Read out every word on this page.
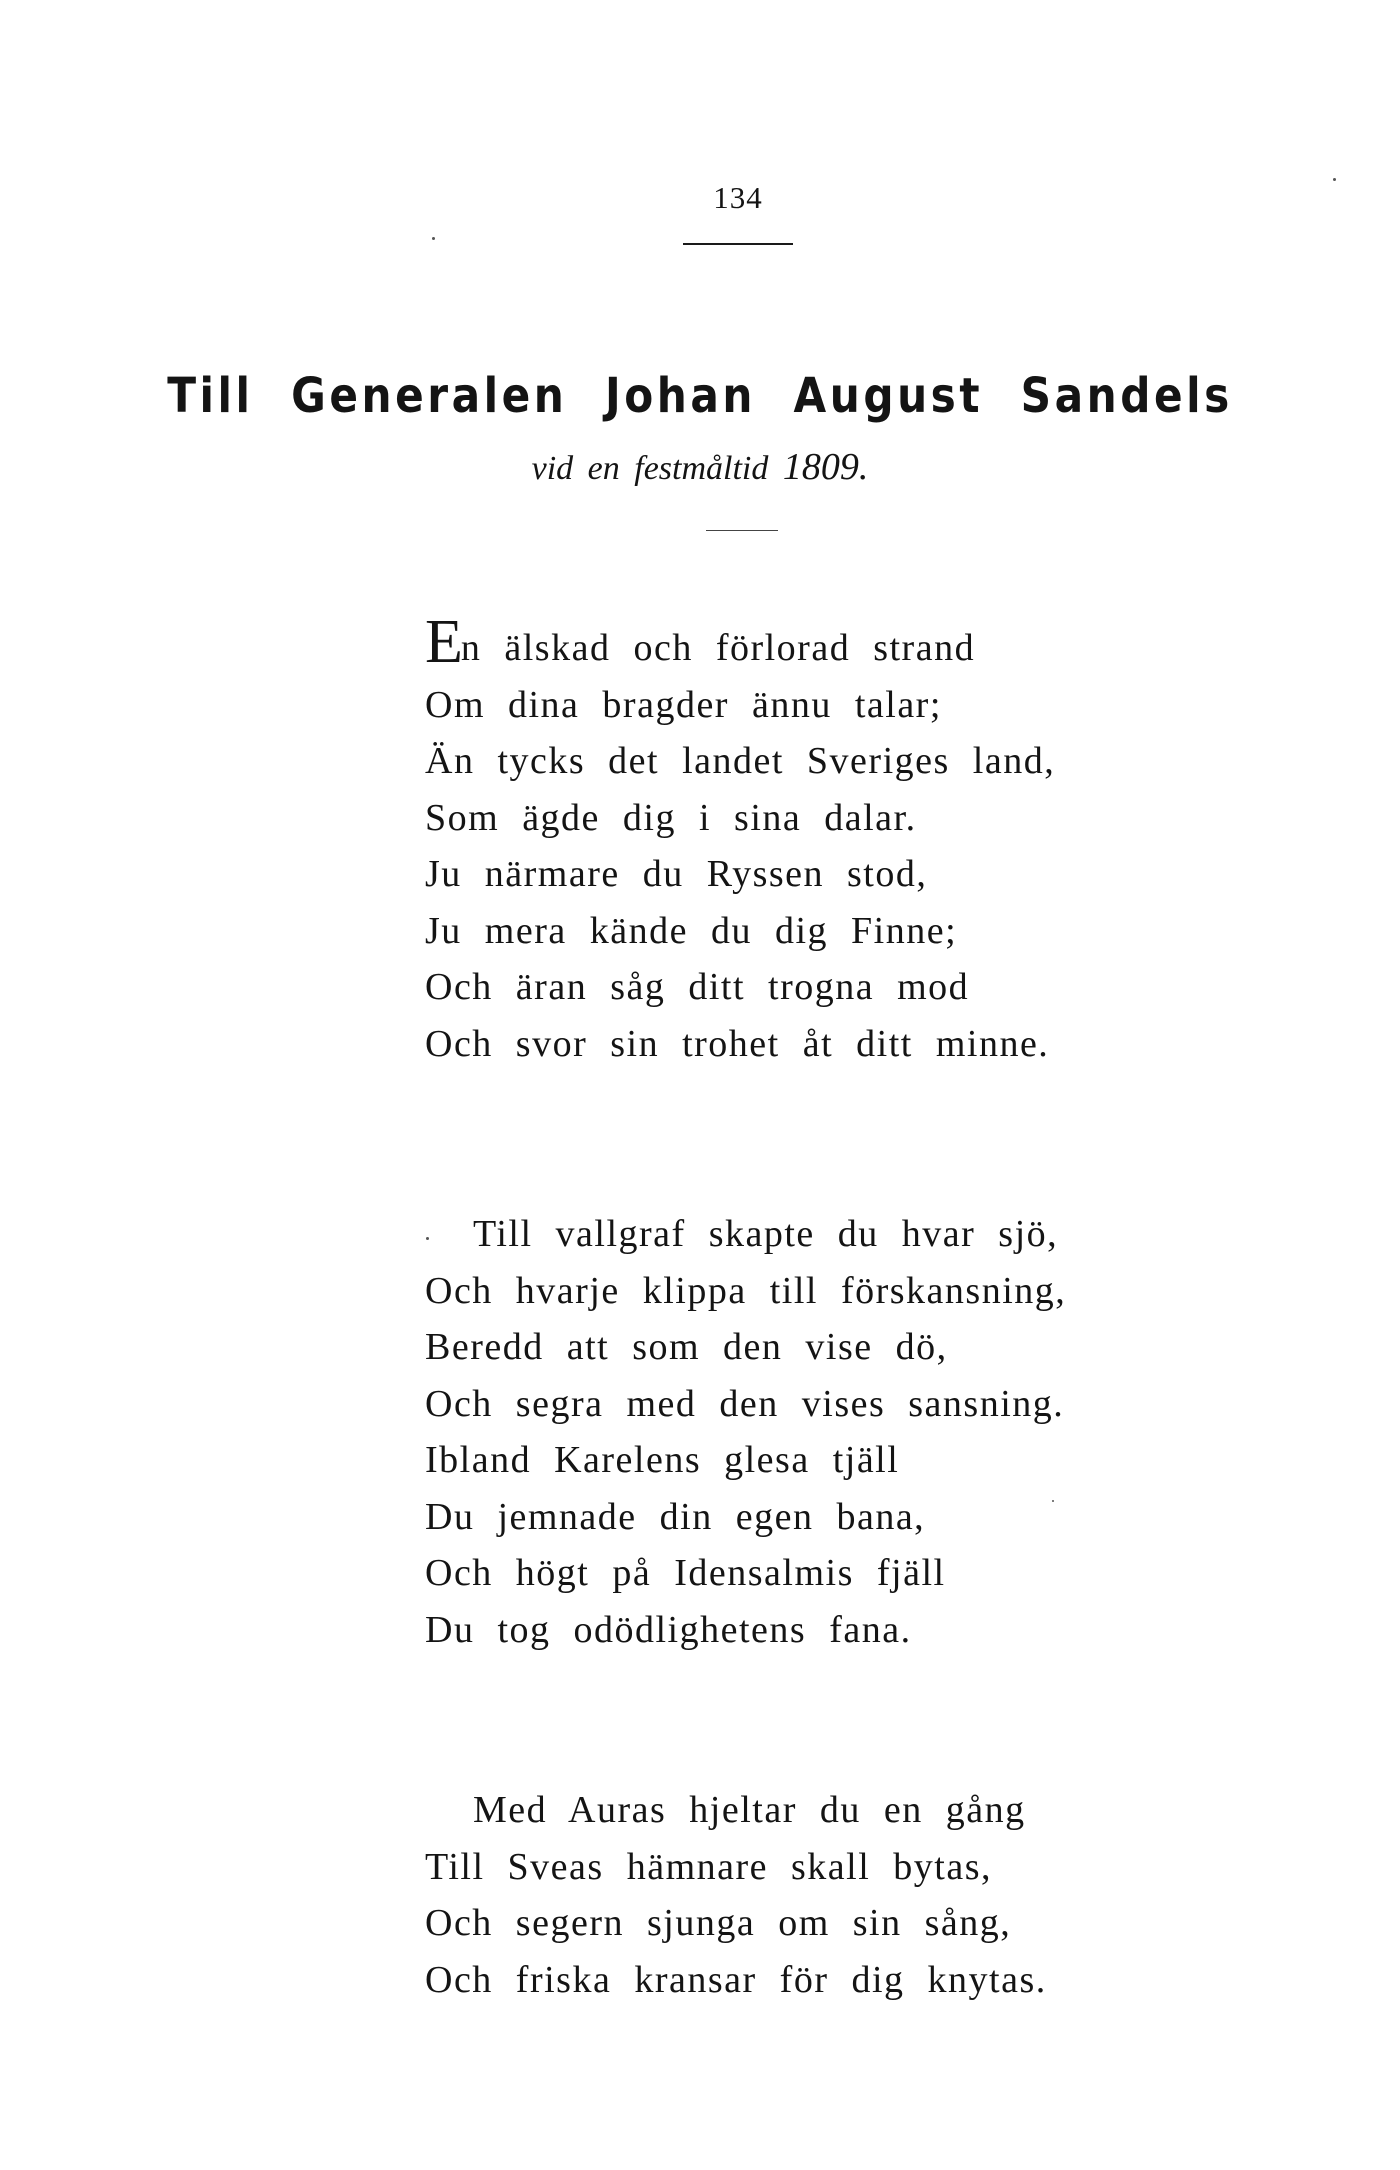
134
Till Generalen Johan August Sandels
vid en festmåltid 1809.
En älskad och förlorad strand
Om dina bragder ännu talar;
Än tycks det landet Sveriges land,
Som ägde dig i sina dalar.
Ju närmare du Ryssen stod,
Ju mera kände du dig Finne;
Och äran såg ditt trogna mod
Och svor sin trohet åt ditt minne.
Till vallgraf skapte du hvar sjö,
Och hvarje klippa till förskansning,
Beredd att som den vise dö,
Och segra med den vises sansning.
Ibland Karelens glesa tjäll
Du jemnade din egen bana,
Och högt på Idensalmis fjäll
Du tog odödlighetens fana.
Med Auras hjeltar du en gång
Till Sveas hämnare skall bytas,
Och segern sjunga om sin sång,
Och friska kransar för dig knytas.
